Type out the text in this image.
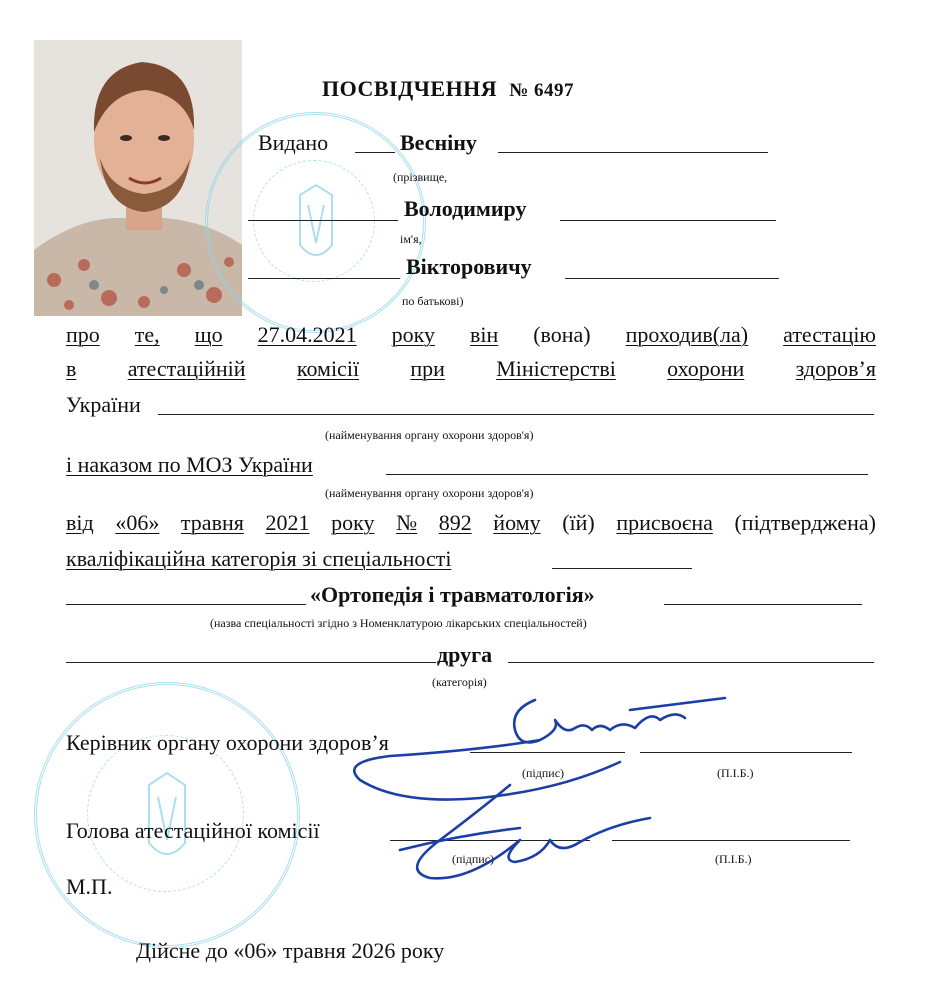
ПОСВІДЧЕННЯ № 6497
Видано	Весніну
(прізвище,
Володимиру
ім'я,
Вікторовичу
по батькові)
про те, що 27.04.2021 року він (вона) проходив(ла) атестацію
в атестаційній комісії при Міністерстві охорони здоров’я
України
(найменування органу охорони здоров'я)
і наказом по МОЗ України
(найменування органу охорони здоров'я)
від «06» травня 2021 року № 892 йому (їй) присвоєна (підтверджена)
кваліфікаційна категорія зі спеціальності
«Ортопедія і травматологія»
(назва спеціальності згідно з Номенклатурою лікарських спеціальностей)
друга
(категорія)
Керівник органу охорони здоров’я
(підпис)	(П.І.Б.)
Голова атестаційної комісії
(підпис)	(П.І.Б.)
М.П.
Дійсне до «06» травня 2026 року
